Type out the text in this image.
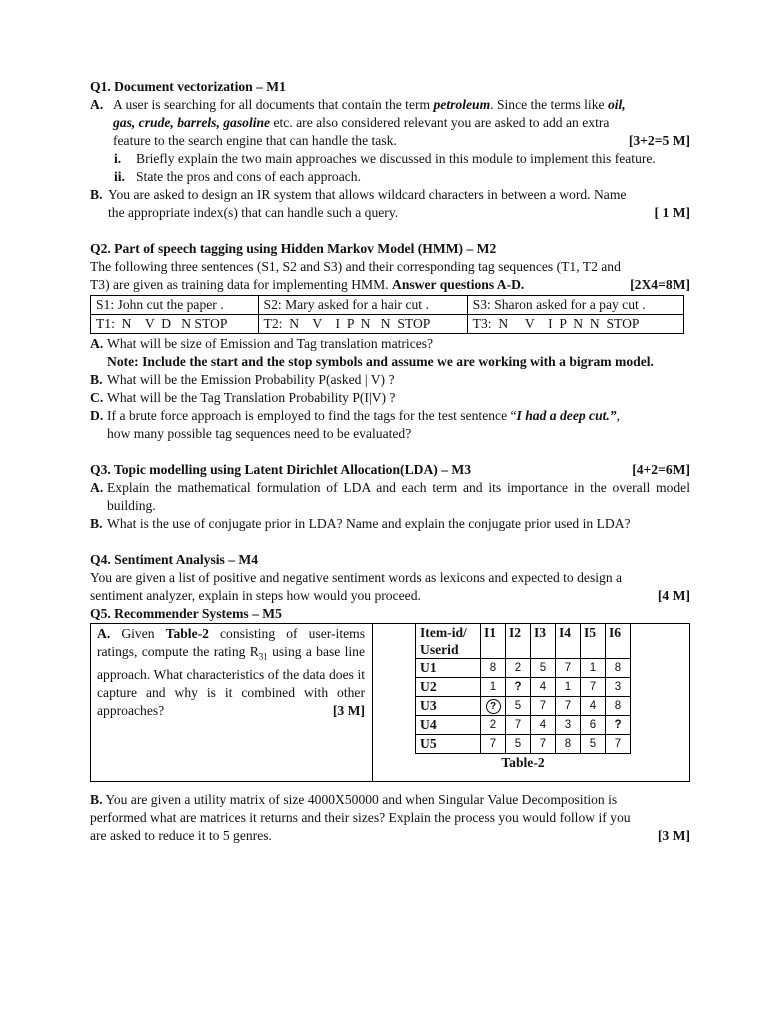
Q1. Document vectorization – M1
A. A user is searching for all documents that contain the term petroleum. Since the terms like oil,
gas, crude, barrels, gasoline etc. are also considered relevant you are asked to add an extra
feature to the search engine that can handle the task.	[3+2=5 M]
i.	Briefly explain the two main approaches we discussed in this module to implement this feature.
ii. State the pros and cons of each approach.
B. You are asked to design an IR system that allows wildcard characters in between a word. Name
the appropriate index(s) that can handle such a query.	[ 1 M]
Q2. Part of speech tagging using Hidden Markov Model (HMM) – M2
The following three sentences (S1, S2 and S3) and their corresponding tag sequences (T1, T2 and
T3) are given as training data for implementing HMM. Answer questions A-D.	[2X4=8M]
S1: John cut the paper .	S2: Mary asked for a hair cut .	S3: Sharon asked for a pay cut .
T1:  N    V  D   N STOP	T2:  N    V    I  P  N   N  STOP	T3:  N     V    I  P  N  N  STOP
A. What will be size of Emission and Tag translation matrices?
Note: Include the start and the stop symbols and assume we are working with a bigram model.
B. What will be the Emission Probability P(asked | V) ?
C. What will be the Tag Translation Probability P(I|V) ?
D. If a brute force approach is employed to find the tags for the test sentence “I had a deep cut.”,
how many possible tag sequences need to be evaluated?
Q3. Topic modelling using Latent Dirichlet Allocation(LDA) – M3	[4+2=6M]
A. Explain the mathematical formulation of LDA and each term and its importance in the overall model building.
B. What is the use of conjugate prior in LDA? Name and explain the conjugate prior used in LDA?
Q4. Sentiment Analysis – M4
You are given a list of positive and negative sentiment words as lexicons and expected to design a
sentiment analyzer, explain in steps how would you proceed.	[4 M]
Q5. Recommender Systems – M5
A. Given Table-2 consisting of user-items ratings, compute the rating $R_{31}$ using a base line approach. What characteristics of the data does it capture and why is it combined with other approaches?	[3 M]
Item-id/
Userid	I1	I2	I3	I4	I5	I6

U1	8	2	5	7	1	8
U2	1	?	4	1	7	3
U3	?	5	7	7	4	8
U4	2	7	4	3	6	?
U5	7	5	7	8	5	7
Table-2						
B. You are given a utility matrix of size 4000X50000 and when Singular Value Decomposition is
performed what are matrices it returns and their sizes? Explain the process you would follow if you
are asked to reduce it to 5 genres.	[3 M]
